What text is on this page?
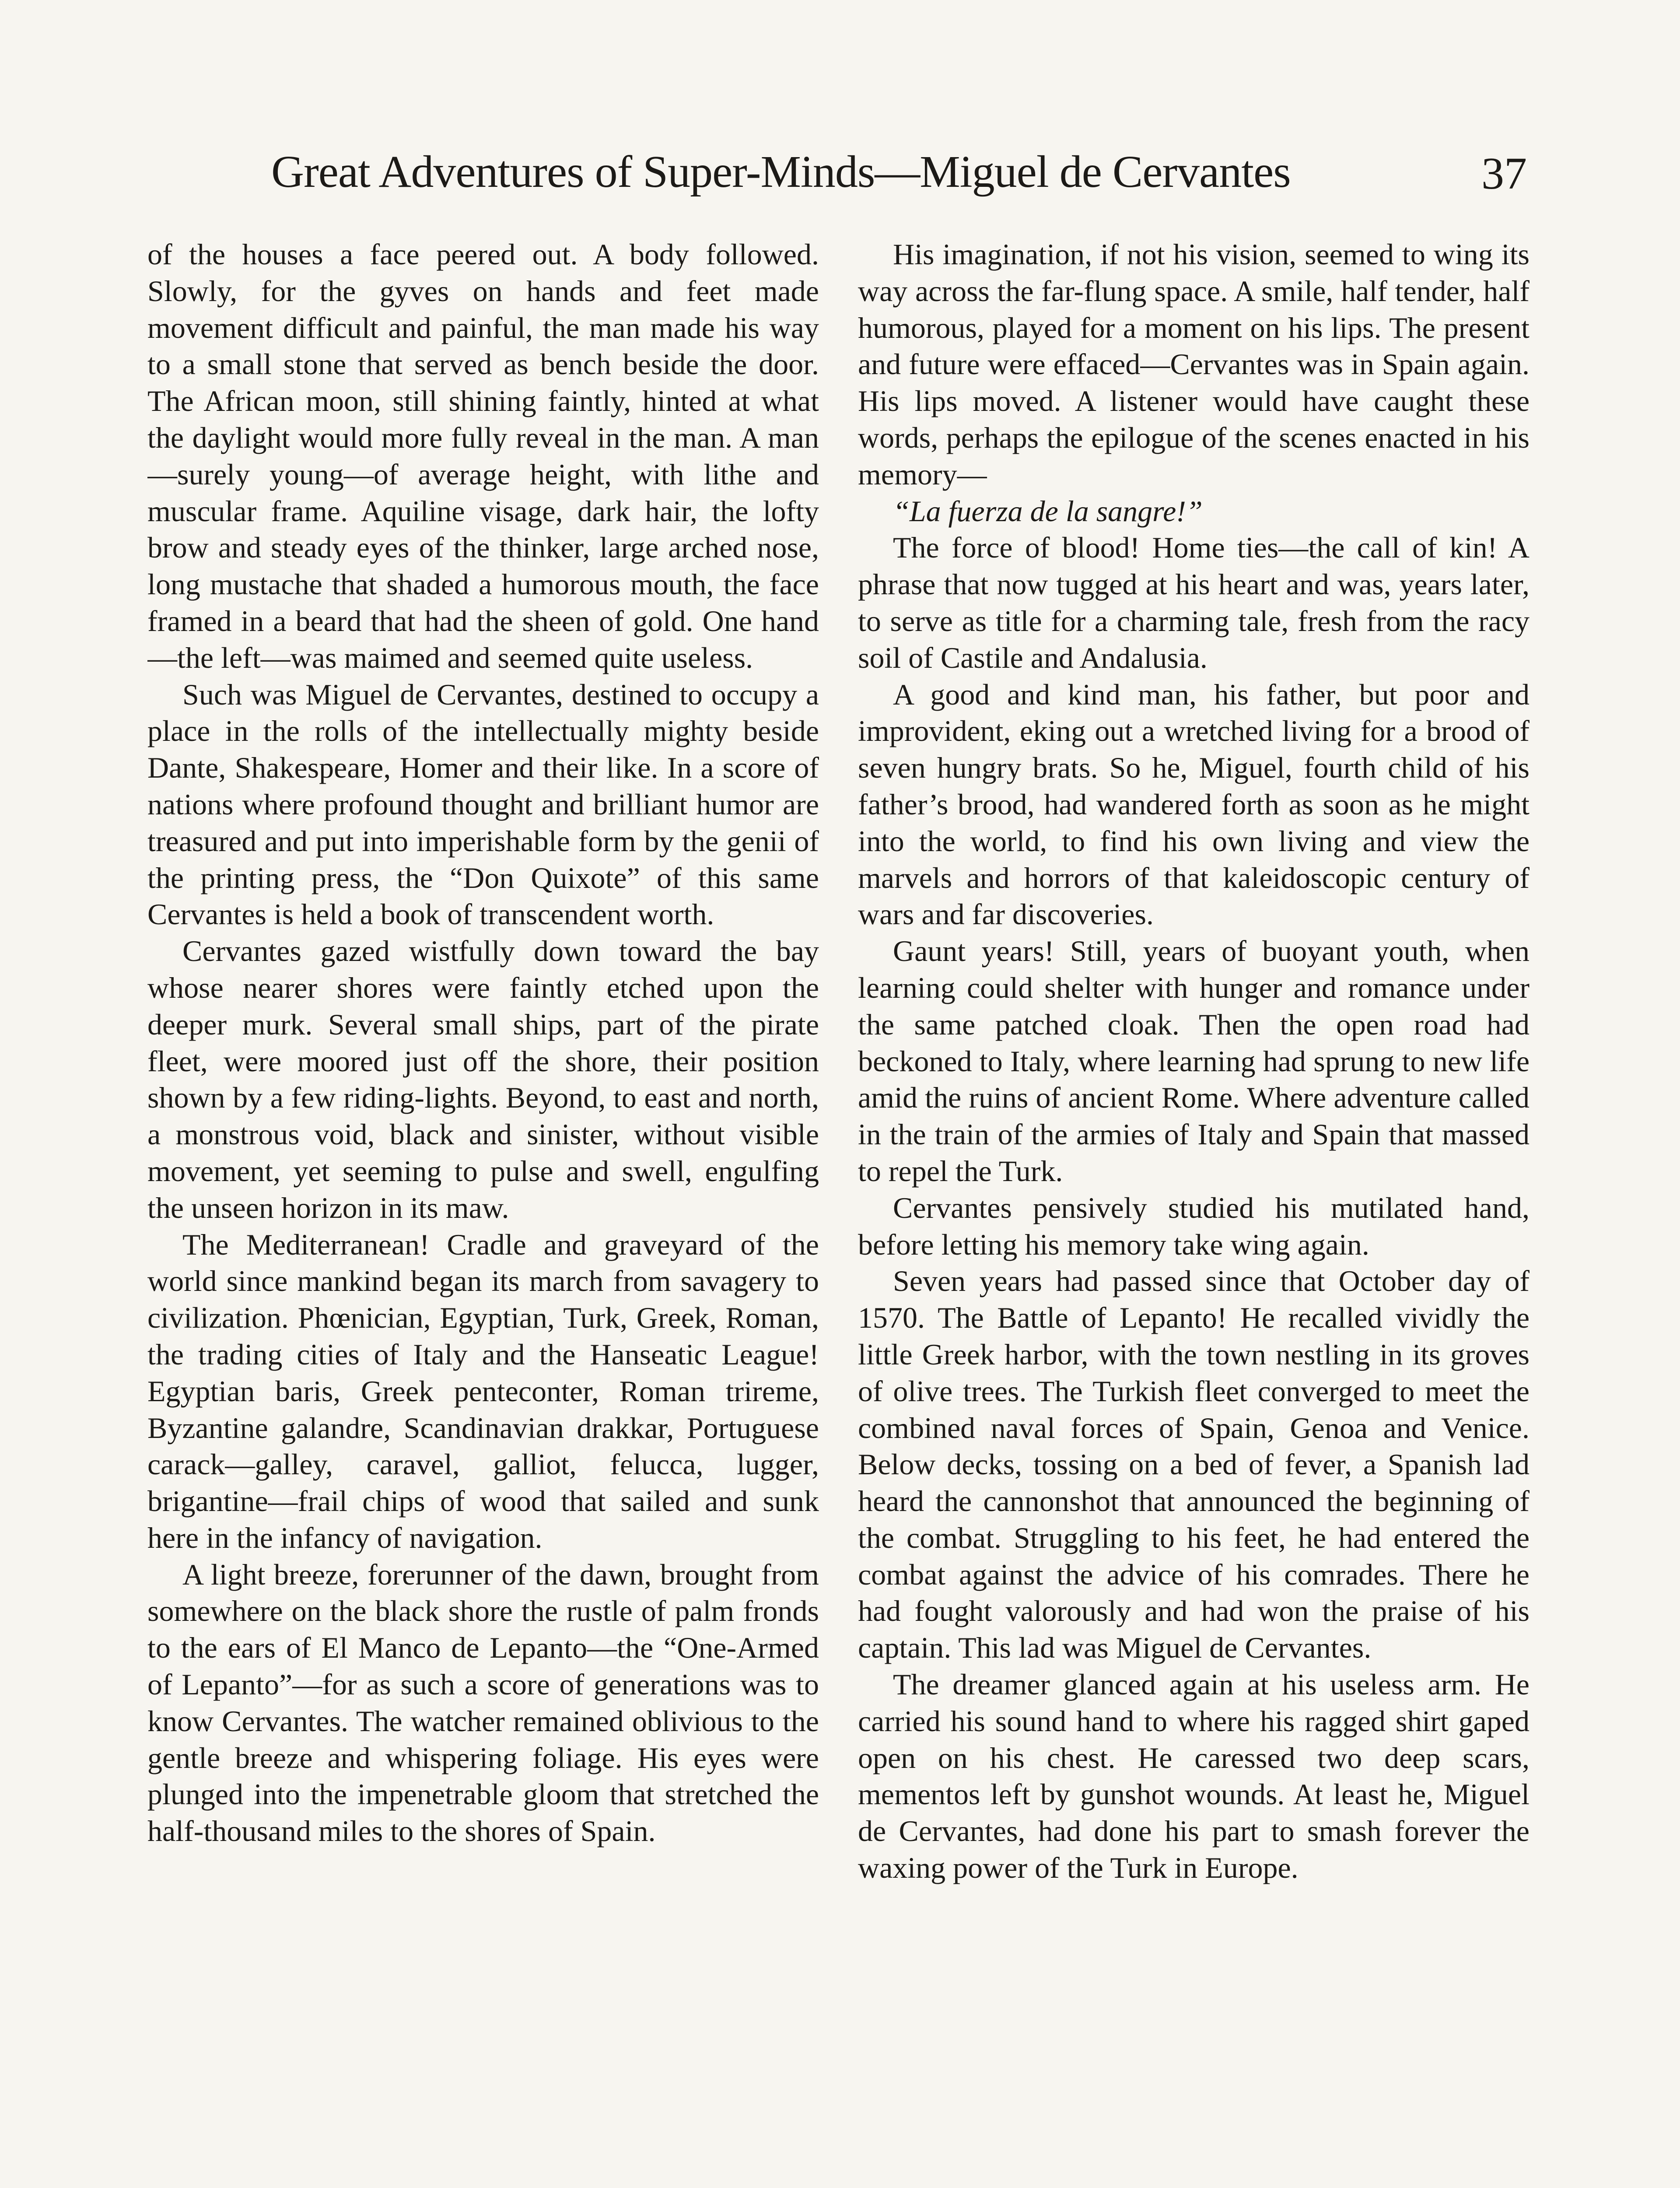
Great Adventures of Super-Minds—Miguel de Cervantes	37

of the houses a face peered out. A body followed. Slowly, for the gyves on hands and feet made movement difficult and painful, the man made his way to a small stone that served as bench beside the door. The African moon, still shining faintly, hinted at what the daylight would more fully reveal in the man. A man—surely young—of average height, with lithe and muscular frame. Aquiline visage, dark hair, the lofty brow and steady eyes of the thinker, large arched nose, long mustache that shaded a humorous mouth, the face framed in a beard that had the sheen of gold. One hand—the left—was maimed and seemed quite useless.

Such was Miguel de Cervantes, destined to occupy a place in the rolls of the intellectually mighty beside Dante, Shakespeare, Homer and their like. In a score of nations where profound thought and brilliant humor are treasured and put into imperishable form by the genii of the printing press, the “Don Quixote” of this same Cervantes is held a book of transcendent worth.

Cervantes gazed wistfully down toward the bay whose nearer shores were faintly etched upon the deeper murk. Several small ships, part of the pirate fleet, were moored just off the shore, their position shown by a few riding-lights. Beyond, to east and north, a monstrous void, black and sinister, without visible movement, yet seeming to pulse and swell, engulfing the unseen horizon in its maw.

The Mediterranean! Cradle and graveyard of the world since mankind began its march from savagery to civilization. Phœnician, Egyptian, Turk, Greek, Roman, the trading cities of Italy and the Hanseatic League! Egyptian baris, Greek penteconter, Roman trireme, Byzantine galandre, Scandinavian drakkar, Portuguese carack—galley, caravel, galliot, felucca, lugger, brigantine—frail chips of wood that sailed and sunk here in the infancy of navigation.

A light breeze, forerunner of the dawn, brought from somewhere on the black shore the rustle of palm fronds to the ears of El Manco de Lepanto—the “One-Armed of Lepanto”—for as such a score of generations was to know Cervantes. The watcher remained oblivious to the gentle breeze and whispering foliage. His eyes were plunged into the impenetrable gloom that stretched the half-thousand miles to the shores of Spain.

His imagination, if not his vision, seemed to wing its way across the far-flung space. A smile, half tender, half humorous, played for a moment on his lips. The present and future were effaced—Cervantes was in Spain again. His lips moved. A listener would have caught these words, perhaps the epilogue of the scenes enacted in his memory—

“La fuerza de la sangre!”

The force of blood! Home ties—the call of kin! A phrase that now tugged at his heart and was, years later, to serve as title for a charming tale, fresh from the racy soil of Castile and Andalusia.

A good and kind man, his father, but poor and improvident, eking out a wretched living for a brood of seven hungry brats. So he, Miguel, fourth child of his father’s brood, had wandered forth as soon as he might into the world, to find his own living and view the marvels and horrors of that kaleidoscopic century of wars and far discoveries.

Gaunt years! Still, years of buoyant youth, when learning could shelter with hunger and romance under the same patched cloak. Then the open road had beckoned to Italy, where learning had sprung to new life amid the ruins of ancient Rome. Where adventure called in the train of the armies of Italy and Spain that massed to repel the Turk.

Cervantes pensively studied his mutilated hand, before letting his memory take wing again.

Seven years had passed since that October day of 1570. The Battle of Lepanto! He recalled vividly the little Greek harbor, with the town nestling in its groves of olive trees. The Turkish fleet converged to meet the combined naval forces of Spain, Genoa and Venice. Below decks, tossing on a bed of fever, a Spanish lad heard the cannonshot that announced the beginning of the combat. Struggling to his feet, he had entered the combat against the advice of his comrades. There he had fought valorously and had won the praise of his captain. This lad was Miguel de Cervantes.

The dreamer glanced again at his useless arm. He carried his sound hand to where his ragged shirt gaped open on his chest. He caressed two deep scars, mementos left by gunshot wounds. At least he, Miguel de Cervantes, had done his part to smash forever the waxing power of the Turk in Europe.
